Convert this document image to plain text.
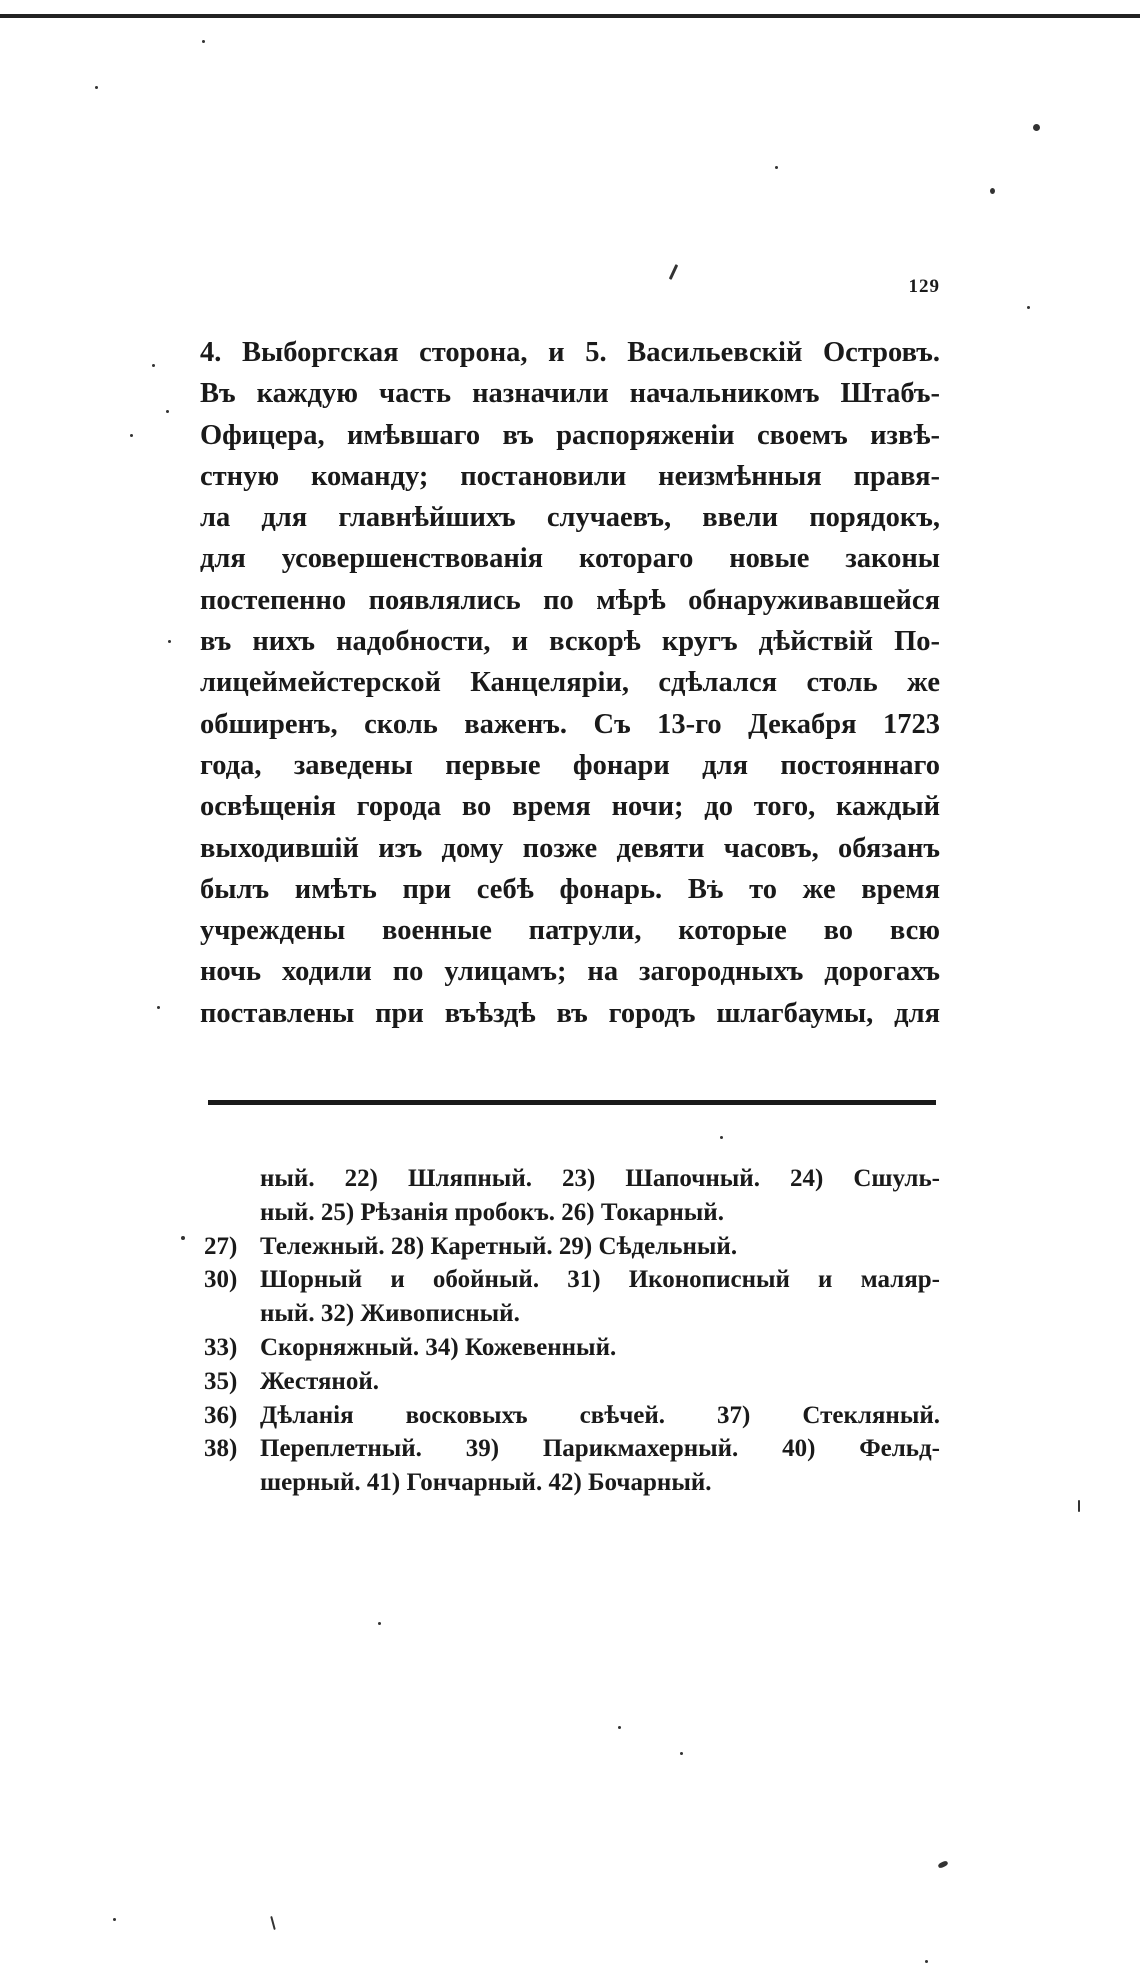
129
4. Выборгская сторона, и 5. Васильевскій Островъ.
Въ каждую часть назначили начальникомъ Штабъ-
Офицера, имѣвшаго въ распоряженіи своемъ извѣ-
стную команду; постановили неизмѣнныя правя-
ла для главнѣйшихъ случаевъ, ввели порядокъ,
для усовершенствованія котораго новые законы
постепенно появлялись по мѣрѣ обнаруживавшейся
въ нихъ надобности, и вскорѣ кругъ дѣйствій По-
лицеймейстерской Канцеляріи, сдѣлался столь же
обширенъ, сколь важенъ. Съ 13-го Декабря 1723
года, заведены первые фонари для постояннаго
освѣщенія города во время ночи; до того, каждый
выходившій изъ дому позже девяти часовъ, обязанъ
былъ имѣть при себѣ фонарь. Въ то же время
учреждены военные патрули, которые во всю
ночь ходили по улицамъ; на загородныхъ дорогахъ
поставлены при въѣздѣ въ городъ шлагбаумы, для
ный. 22) Шляпный. 23) Шапочный. 24) Сшуль-
ный. 25) Рѣзанія пробокъ. 26) Токарный.
27) Тележный. 28) Каретный. 29) Сѣдельный.
30) Шорный и обойный. 31) Иконописный и маляр-
ный. 32) Живописный.
33) Скорняжный. 34) Кожевенный.
35) Жестяной.
36) Дѣланія восковыхъ свѣчей. 37) Стекляный.
38) Переплетный. 39) Парикмахерный. 40) Фельд-
шерный. 41) Гончарный. 42) Бочарный.
